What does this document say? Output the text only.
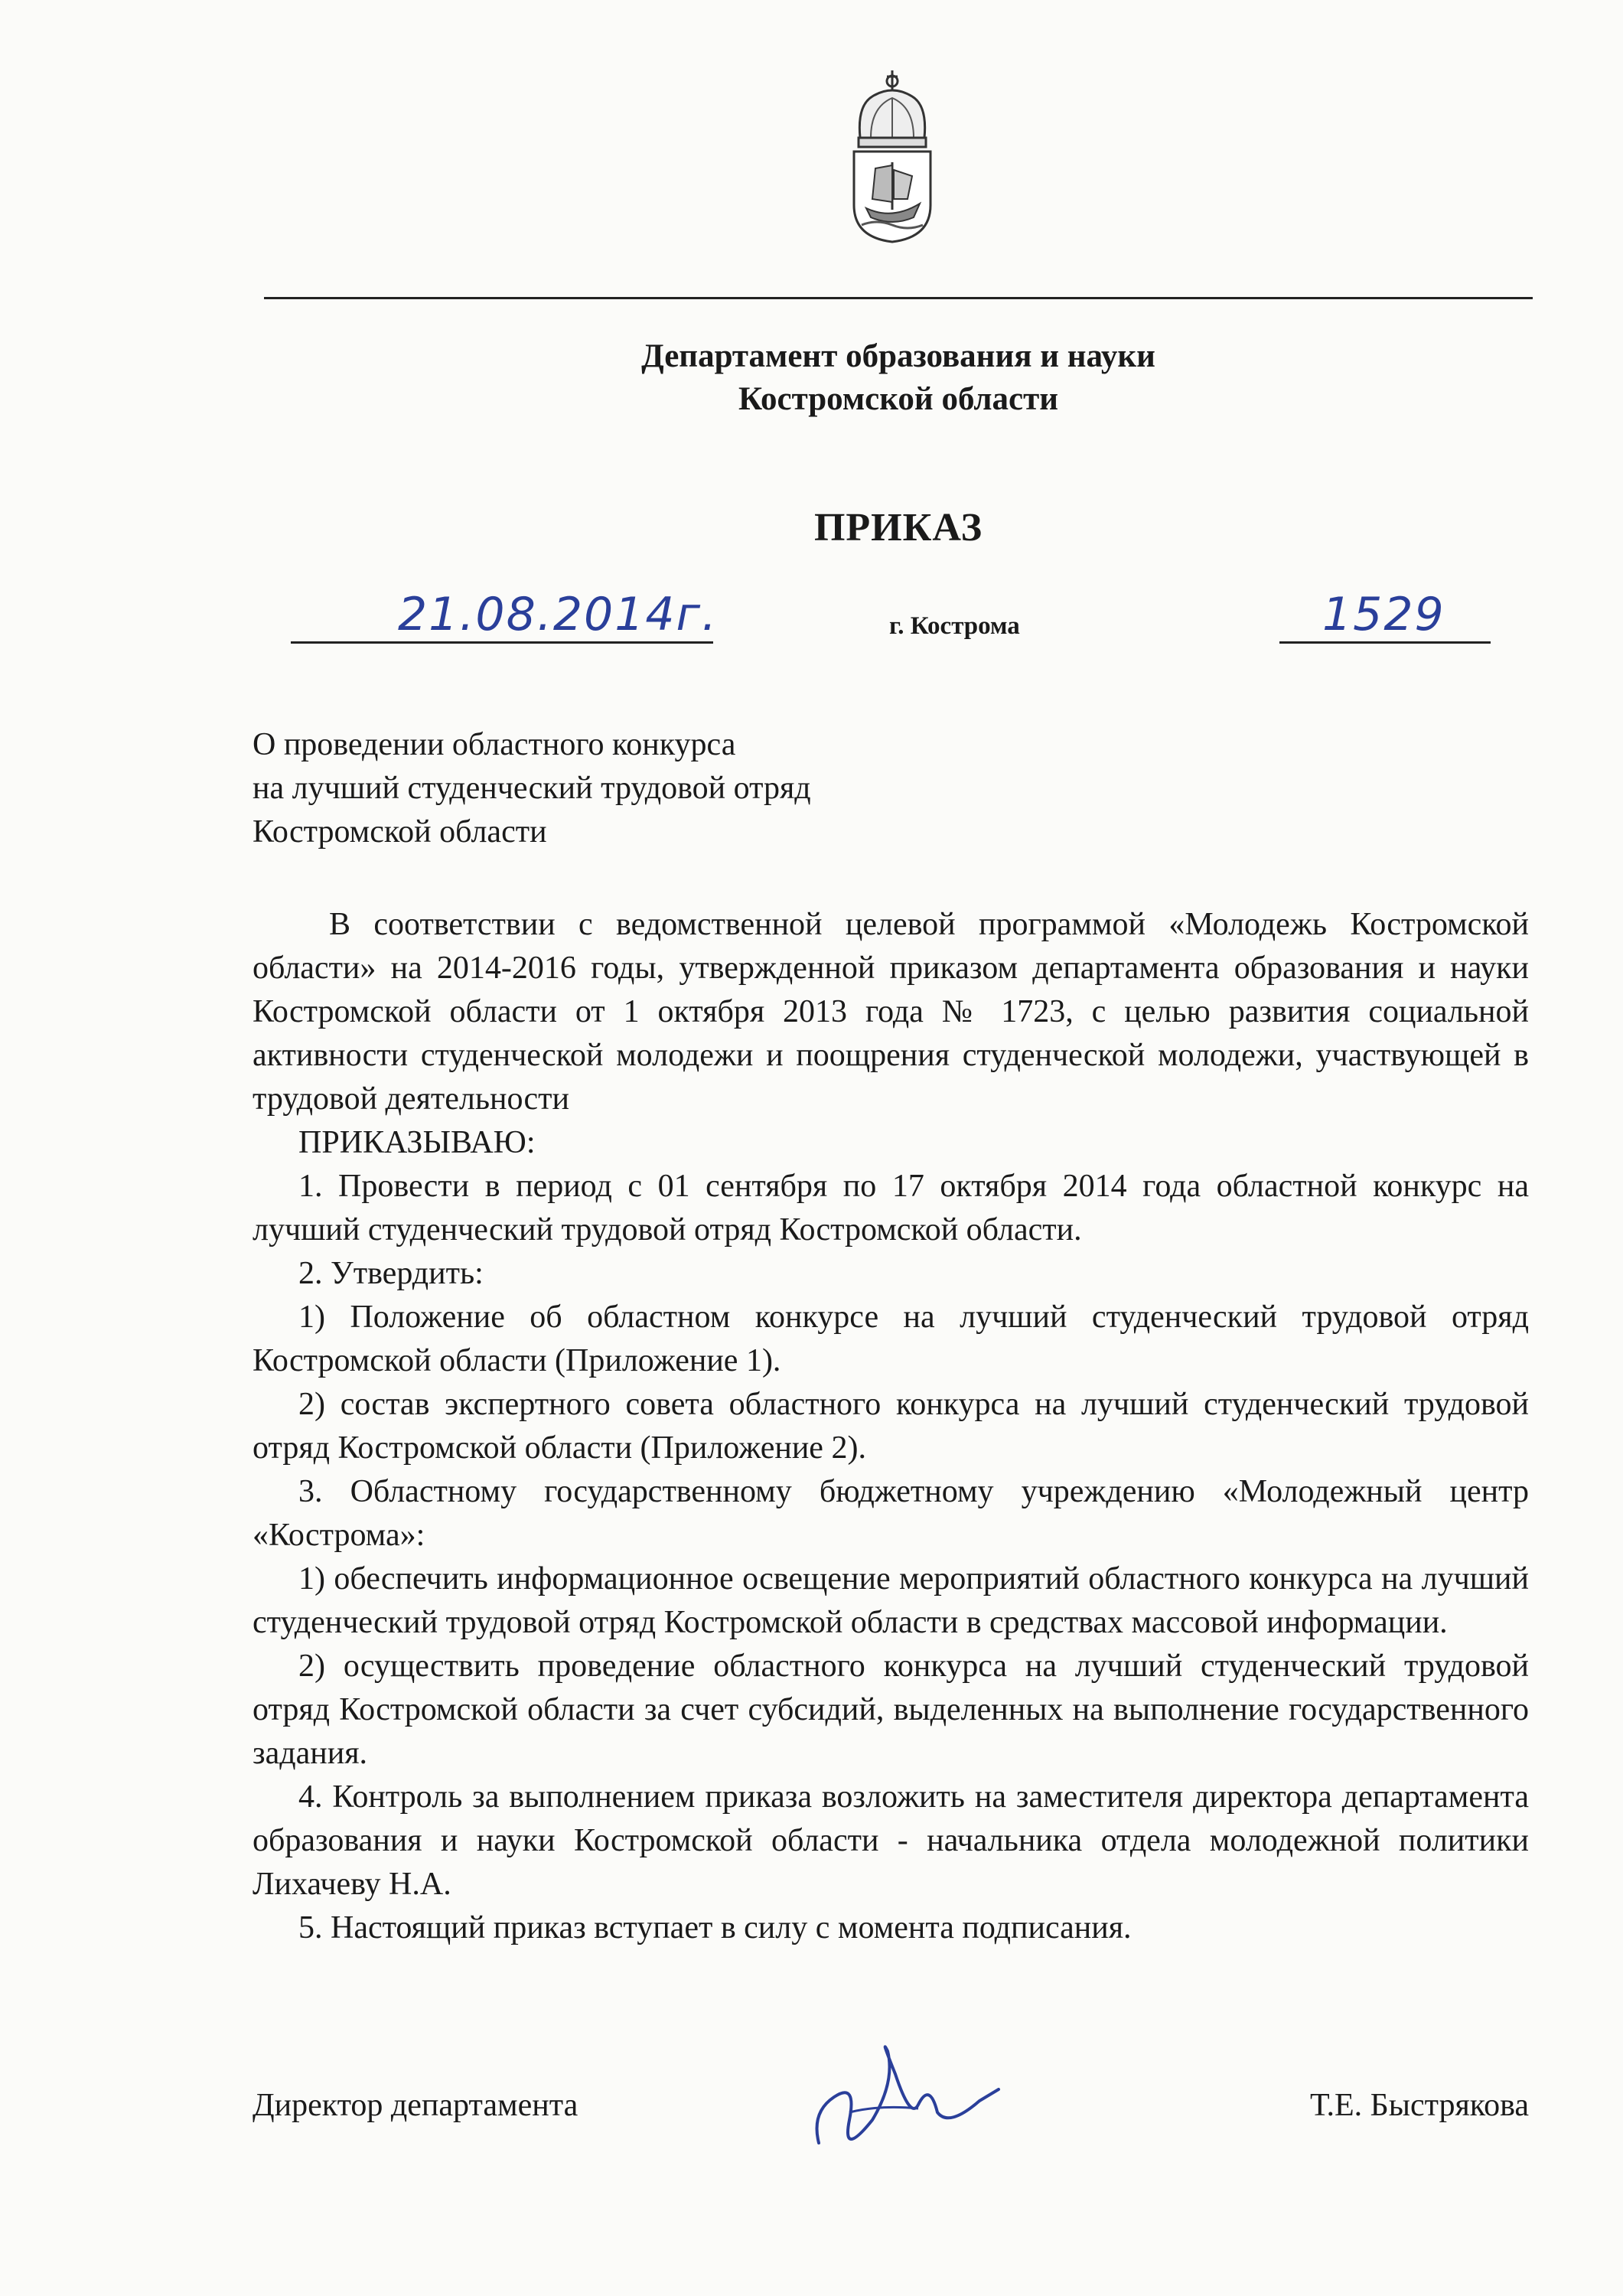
Департамент образования и науки
Костромской области
ПРИКАЗ
21.08.2014г.	г. Кострома	1529
О проведении областного конкурса
на лучший студенческий трудовой отряд
Костромской области

В соответствии с ведомственной целевой программой «Молодежь Костромской области» на 2014-2016 годы, утвержденной приказом департамента образования и науки Костромской области от 1 октября 2013 года № 1723, с целью развития социальной активности студенческой молодежи и поощрения студенческой молодежи, участвующей в трудовой деятельности

ПРИКАЗЫВАЮ:

1. Провести в период с 01 сентября по 17 октября 2014 года областной конкурс на лучший студенческий трудовой отряд Костромской области.

2. Утвердить:

1) Положение об областном конкурсе на лучший студенческий трудовой отряд Костромской области (Приложение 1).

2) состав экспертного совета областного конкурса на лучший студенческий трудовой отряд Костромской области (Приложение 2).

3. Областному государственному бюджетному учреждению «Молодежный центр «Кострома»:

1) обеспечить информационное освещение мероприятий областного конкурса на лучший студенческий трудовой отряд Костромской области в средствах массовой информации.

2) осуществить проведение областного конкурса на лучший студенческий трудовой отряд Костромской области за счет субсидий, выделенных на выполнение государственного задания.

4. Контроль за выполнением приказа возложить на заместителя директора департамента образования и науки Костромской области - начальника отдела молодежной политики Лихачеву Н.А.

5. Настоящий приказ вступает в силу с момента подписания.

Директор департамента	Т.Е. Быстрякова
